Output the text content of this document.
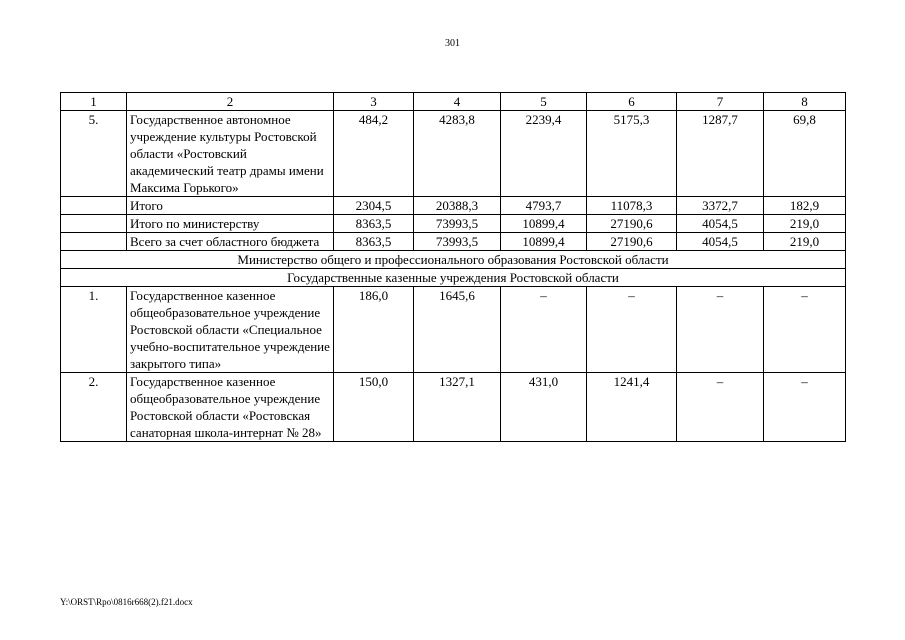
301
1	2	3	4	5	6	7	8
5.	Государственное автономное учреждение культуры Ростовской области «Ростовский академический театр драмы имени Максима Горького»	484,2	4283,8	2239,4	5175,3	1287,7	69,8
	Итого	2304,5	20388,3	4793,7	11078,3	3372,7	182,9
	Итого по министерству	8363,5	73993,5	10899,4	27190,6	4054,5	219,0
	Всего за счет областного бюджета	8363,5	73993,5	10899,4	27190,6	4054,5	219,0
Министерство общего и профессионального образования Ростовской области							
Государственные казенные учреждения Ростовской области							
1.	Государственное казенное общеобразовательное учреждение Ростовской области «Специальное учебно-воспитательное учреждение закрытого типа»	186,0	1645,6	–	–	–	–
2.	Государственное казенное общеобразовательное учреждение Ростовской области «Ростовская санаторная школа-интернат № 28»	150,0	1327,1	431,0	1241,4	–	–
Y:\ORST\Rpo\0816r668(2).f21.docx
